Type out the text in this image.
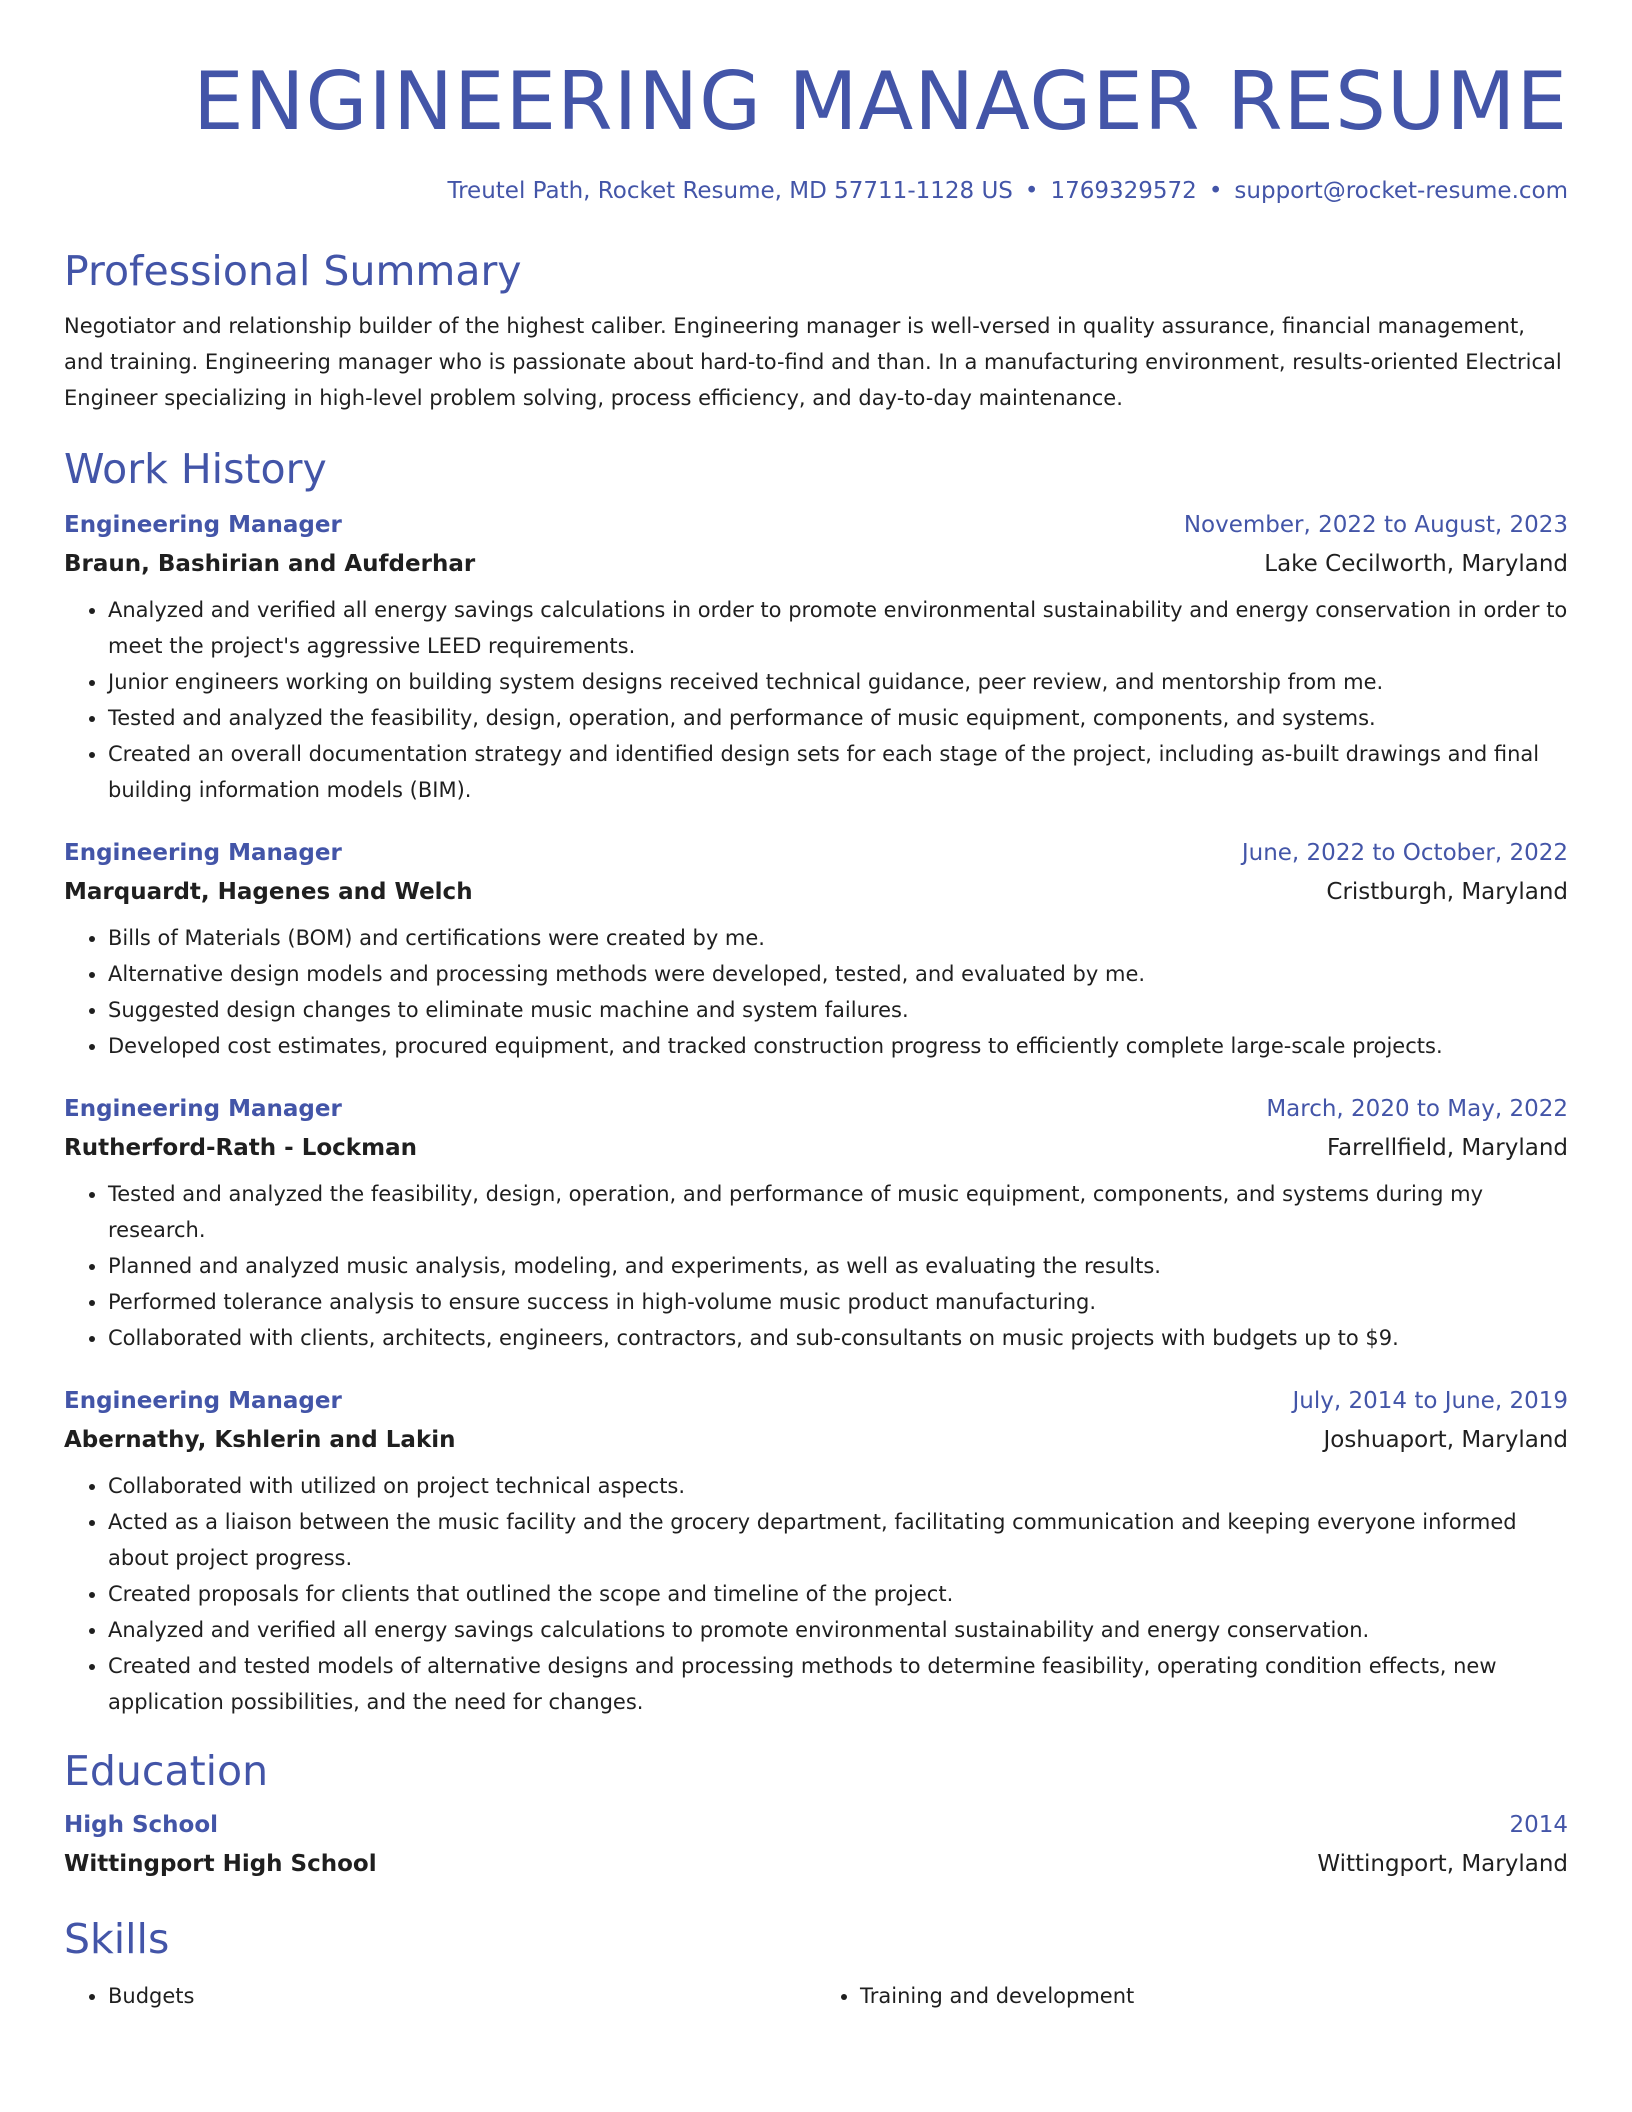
ENGINEERING MANAGER RESUME
Treutel Path, Rocket Resume, MD 57711-1128 US • 1769329572 • support@rocket-resume.com
Professional Summary

Negotiator and relationship builder of the highest caliber. Engineering manager is well-versed in quality assurance, financial management, and training. Engineering manager who is passionate about hard-to-find and than. In a manufacturing environment, results-oriented Electrical Engineer specializing in high-level problem solving, process efficiency, and day-to-day maintenance.

Work History
Engineering Manager	November, 2022 to August, 2023
Braun, Bashirian and Aufderhar	Lake Cecilworth, Maryland
• Analyzed and verified all energy savings calculations in order to promote environmental sustainability and energy conservation in order to meet the project's aggressive LEED requirements.
• Junior engineers working on building system designs received technical guidance, peer review, and mentorship from me.
• Tested and analyzed the feasibility, design, operation, and performance of music equipment, components, and systems.
• Created an overall documentation strategy and identified design sets for each stage of the project, including as-built drawings and final building information models (BIM).
Engineering Manager	June, 2022 to October, 2022
Marquardt, Hagenes and Welch	Cristburgh, Maryland
• Bills of Materials (BOM) and certifications were created by me.
• Alternative design models and processing methods were developed, tested, and evaluated by me.
• Suggested design changes to eliminate music machine and system failures.
• Developed cost estimates, procured equipment, and tracked construction progress to efficiently complete large-scale projects.
Engineering Manager	March, 2020 to May, 2022
Rutherford-Rath - Lockman	Farrellfield, Maryland
• Tested and analyzed the feasibility, design, operation, and performance of music equipment, components, and systems during my research.
• Planned and analyzed music analysis, modeling, and experiments, as well as evaluating the results.
• Performed tolerance analysis to ensure success in high-volume music product manufacturing.
• Collaborated with clients, architects, engineers, contractors, and sub-consultants on music projects with budgets up to $9.
Engineering Manager	July, 2014 to June, 2019
Abernathy, Kshlerin and Lakin	Joshuaport, Maryland
• Collaborated with utilized on project technical aspects.
• Acted as a liaison between the music facility and the grocery department, facilitating communication and keeping everyone informed about project progress.
• Created proposals for clients that outlined the scope and timeline of the project.
• Analyzed and verified all energy savings calculations to promote environmental sustainability and energy conservation.
• Created and tested models of alternative designs and processing methods to determine feasibility, operating condition effects, new application possibilities, and the need for changes.
Education
High School	2014
Wittingport High School	Wittingport, Maryland
Skills
• Budgets
•	Training and development
